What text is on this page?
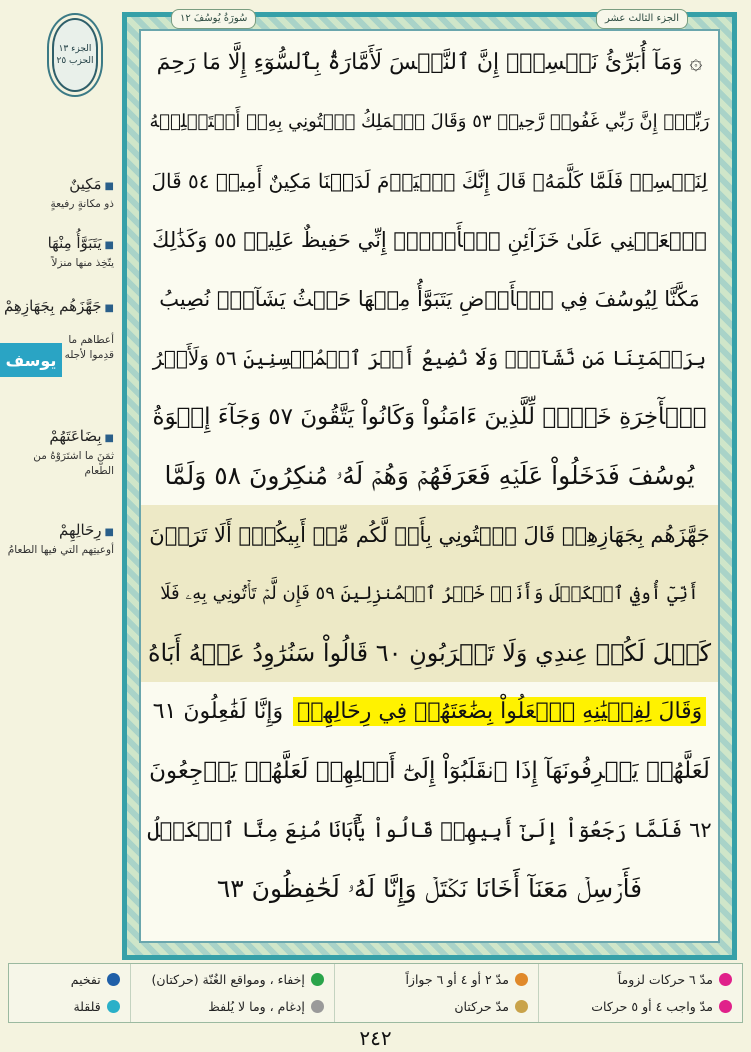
الجزء ١٣
الحزب ٢٥
■مَكِينٌ
ذو مكانةٍ رفيعةٍ
■يَتَبَوَّأُ مِنْهَا
يتّخِذ منها منزلاً
■جَهَّزَهُم بِجَهَازِهِمْ
أعطاهم ما قدِموا لأجله
■بِضَاعَتَهُمْ
ثمَنَ ما اشتَرَوْهُ من الطّعام
■رِحَالِهِمْ
أوعيتِهم التي فيها الطعامُ
يوسف
الجزء الثالث عشر
سُورَةُ يُوسُفَ ١٢
۞ وَمَآ أُبَرِّئُ نَفۡسِيٓۚ إِنَّ ٱلنَّفۡسَ لَأَمَّارَةُۢ بِٱلسُّوٓءِ إِلَّا مَا رَحِمَ
رَبِّيٓۚ إِنَّ رَبِّي غَفُورٞ رَّحِيمٞ ٥٣ وَقَالَ ٱلۡمَلِكُ ٱئۡتُونِي بِهِۦٓ أَسۡتَخۡلِصۡهُ
لِنَفۡسِيۖ فَلَمَّا كَلَّمَهُۥ قَالَ إِنَّكَ ٱلۡيَوۡمَ لَدَيۡنَا مَكِينٌ أَمِينٞ ٥٤ قَالَ
ٱجۡعَلۡنِي عَلَىٰ خَزَآئِنِ ٱلۡأَرۡضِۖ إِنِّي حَفِيظٌ عَلِيمٞ ٥٥ وَكَذَٰلِكَ
مَكَّنَّا لِيُوسُفَ فِي ٱلۡأَرۡضِ يَتَبَوَّأُ مِنۡهَا حَيۡثُ يَشَآءُۚ نُصِيبُ
بِرَحۡمَتِنَا مَن نَّشَآءُۖ وَلَا نُضِيعُ أَجۡرَ ٱلۡمُحۡسِنِينَ ٥٦ وَلَأَجۡرُ
ٱلۡأٓخِرَةِ خَيۡرٞ لِّلَّذِينَ ءَامَنُواْ وَكَانُواْ يَتَّقُونَ ٥٧ وَجَآءَ إِخۡوَةُ
يُوسُفَ فَدَخَلُواْ عَلَيۡهِ فَعَرَفَهُمۡ وَهُمۡ لَهُۥ مُنكِرُونَ ٥٨ وَلَمَّا
جَهَّزَهُم بِجَهَازِهِمۡ قَالَ ٱئۡتُونِي بِأَخٖ لَّكُم مِّنۡ أَبِيكُمۡۚ أَلَا تَرَوۡنَ
أَنِّيٓ أُوفِي ٱلۡكَيۡلَ وَأَنَا۠ خَيۡرُ ٱلۡمُنزِلِينَ ٥٩ فَإِن لَّمۡ تَأۡتُونِي بِهِۦ فَلَا
كَيۡلَ لَكُمۡ عِندِي وَلَا تَقۡرَبُونِ ٦٠ قَالُواْ سَنُرَٰوِدُ عَنۡهُ أَبَاهُ
وَقَالَ لِفِتۡيَٰنِهِ ٱجۡعَلُواْ بِضَٰعَتَهُمۡ فِي رِحَالِهِمۡ
وَإِنَّا لَفَٰعِلُونَ ٦١
لَعَلَّهُمۡ يَعۡرِفُونَهَآ إِذَا ٱنقَلَبُوٓاْ إِلَىٰٓ أَهۡلِهِمۡ لَعَلَّهُمۡ يَرۡجِعُونَ
٦٢ فَلَمَّا رَجَعُوٓاْ إِلَىٰٓ أَبِيهِمۡ قَالُواْ يَٰٓأَبَانَا مُنِعَ مِنَّا ٱلۡكَيۡلُ
فَأَرۡسِلۡ مَعَنَآ أَخَانَا نَكۡتَلۡ وَإِنَّا لَهُۥ لَحَٰفِظُونَ ٦٣
مدّ ٦ حركات لزوماً
مدّ واجب ٤ أو ٥ حركات
مدّ ٢ أو ٤ أو ٦ جوازاً
مدّ حركتان
إخفاء ، ومواقع الغُنّة (حركتان)
إدغام ، وما لا يُلفظ
تفخيم
قلقلة
٢٤٢
